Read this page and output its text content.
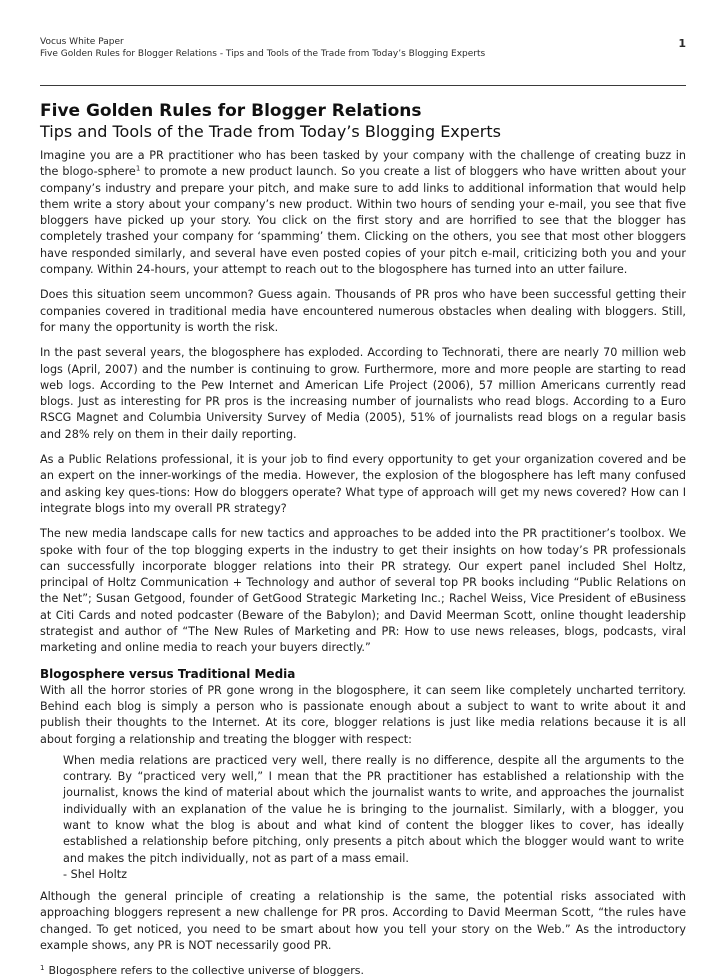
Vocus White Paper
Five Golden Rules for Blogger Relations - Tips and Tools of the Trade from Today’s Blogging Experts
1
Five Golden Rules for Blogger Relations
Tips and Tools of the Trade from Today’s Blogging Experts

Imagine you are a PR practitioner who has been tasked by your company with the challenge of creating buzz in the blogo-sphere$^1$ to promote a new product launch. So you create a list of bloggers who have written about your company’s industry and prepare your pitch, and make sure to add links to additional information that would help them write a story about your company’s new product. Within two hours of sending your e-mail, you see that five bloggers have picked up your story. You click on the first story and are horrified to see that the blogger has completely trashed your company for ‘spamming’ them. Clicking on the others, you see that most other bloggers have responded similarly, and several have even posted copies of your pitch e-mail, criticizing both you and your company. Within 24-hours, your attempt to reach out to the blogosphere has turned into an utter failure.

Does this situation seem uncommon? Guess again. Thousands of PR pros who have been successful getting their companies covered in traditional media have encountered numerous obstacles when dealing with bloggers. Still, for many the opportunity is worth the risk.

In the past several years, the blogosphere has exploded. According to Technorati, there are nearly 70 million web logs (April, 2007) and the number is continuing to grow. Furthermore, more and more people are starting to read web logs. According to the Pew Internet and American Life Project (2006), 57 million Americans currently read blogs. Just as interesting for PR pros is the increasing number of journalists who read blogs. According to a Euro RSCG Magnet and Columbia University Survey of Media (2005), 51% of journalists read blogs on a regular basis and 28% rely on them in their daily reporting.

As a Public Relations professional, it is your job to find every opportunity to get your organization covered and be an expert on the inner-workings of the media. However, the explosion of the blogosphere has left many confused and asking key ques-tions: How do bloggers operate? What type of approach will get my news covered? How can I integrate blogs into my overall PR strategy?

The new media landscape calls for new tactics and approaches to be added into the PR practitioner’s toolbox. We spoke with four of the top blogging experts in the industry to get their insights on how today’s PR professionals can successfully incorporate blogger relations into their PR strategy. Our expert panel included Shel Holtz, principal of Holtz Communication + Technology and author of several top PR books including “Public Relations on the Net”; Susan Getgood, founder of GetGood Strategic Marketing Inc.; Rachel Weiss, Vice President of eBusiness at Citi Cards and noted podcaster (Beware of the Babylon); and David Meerman Scott, online thought leadership strategist and author of “The New Rules of Marketing and PR: How to use news releases, blogs, podcasts, viral marketing and online media to reach your buyers directly.”

Blogosphere versus Traditional Media

With all the horror stories of PR gone wrong in the blogosphere, it can seem like completely uncharted territory. Behind each blog is simply a person who is passionate enough about a subject to want to write about it and publish their thoughts to the Internet. At its core, blogger relations is just like media relations because it is all about forging a relationship and treating the blogger with respect:

When media relations are practiced very well, there really is no difference, despite all the arguments to the contrary. By “practiced very well,” I mean that the PR practitioner has established a relationship with the journalist, knows the kind of material about which the journalist wants to write, and approaches the journalist individually with an explanation of the value he is bringing to the journalist. Similarly, with a blogger, you want to know what the blog is about and what kind of content the blogger likes to cover, has ideally established a relationship before pitching, only presents a pitch about which the blogger would want to write and makes the pitch individually, not as part of a mass email.

- Shel Holtz

Although the general principle of creating a relationship is the same, the potential risks associated with approaching bloggers represent a new challenge for PR pros. According to David Meerman Scott, “the rules have changed. To get noticed, you need to be smart about how you tell your story on the Web.” As the introductory example shows, any PR is NOT necessarily good PR.

$^1$ Blogosphere refers to the collective universe of bloggers.
